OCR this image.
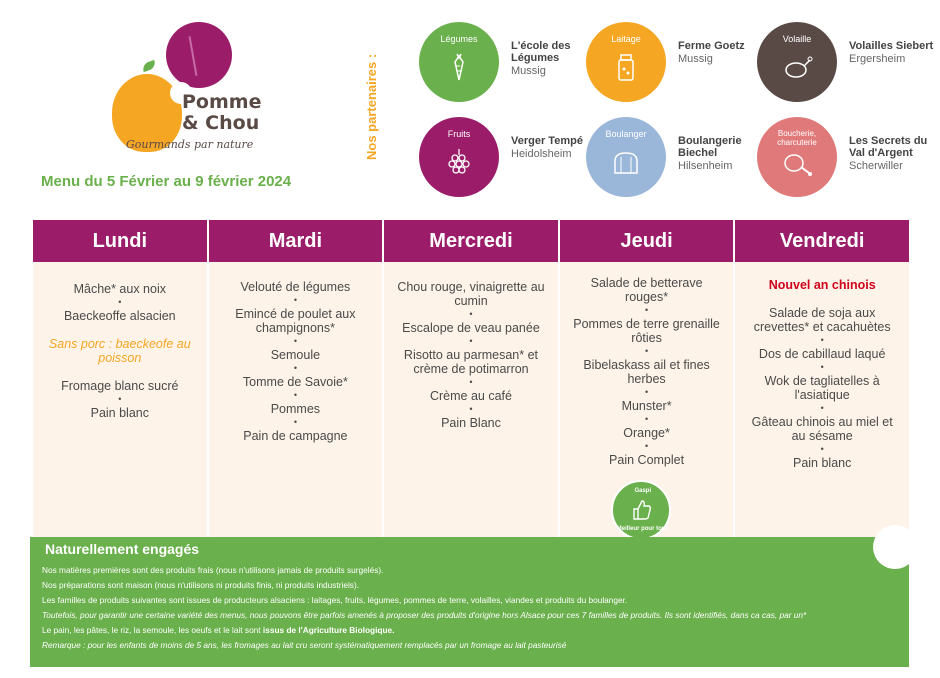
Pomme
& Chou
Gourmands par nature
Menu du 5 Février au 9 février 2024
Nos partenaires :
Légumes
L'école des Légumes
Mussig
Laitage
Ferme Goetz
Mussig
Volaille
Volailles Siebert
Ergersheim
Fruits
Verger Tempé
Heidolsheim
Boulanger
Boulangerie Biechel
Hilsenheim
Boucherie, charcuterie	Les Secrets du Val d'Argent
Scherwiller
Lundi	Mardi	Mercredi	Jeudi	Vendredi
Mâche* aux noix
•
Baeckeoffe alsacien
Sans porc : baeckeofe au poisson
Fromage blanc sucré
•
Pain blanc
Velouté de légumes
•
Emincé de poulet aux champignons*
•
Semoule
•
Tomme de Savoie*
•
Pommes
•
Pain de campagne
Chou rouge, vinaigrette au cumin
•
Escalope de veau panée
•
Risotto au parmesan* et crème de potimarron
•
Crème au café
•
Pain Blanc
Salade de betterave rouges*
•
Pommes de terre grenaille rôties
•
Bibelaskass ail et fines herbes
•
Munster*
•
Orange*
•
Pain Complet
Gaspi
Meilleur pour tous
Nouvel an chinois
Salade de soja aux crevettes* et cacahuètes
•
Dos de cabillaud laqué
•
Wok de tagliatelles à l'asiatique
•
Gâteau chinois au miel et au sésame
•
Pain blanc
Naturellement engagés
Nos matières premières sont des produits frais (nous n'utilisons jamais de produits surgelés).
Nos préparations sont maison (nous n'utilisons ni produits finis, ni produits industriels).
Les familles de produits suivantes sont issues de producteurs alsaciens : laitages, fruits, légumes, pommes de terre, volailles, viandes et produits du boulanger.
Toutefois, pour garantir une certaine variété des menus, nous pouvons être parfois amenés à proposer des produits d'origine hors Alsace pour ces 7 familles de produits. Ils sont identifiés, dans ca cas, par un*
Le pain, les pâtes, le riz, la semoule, les oeufs et le lait sont issus de l'Agriculture Biologique.
Remarque : pour les enfants de moins de 5 ans, les fromages au lait cru seront systématiquement remplacés par un fromage au lait pasteurisé
